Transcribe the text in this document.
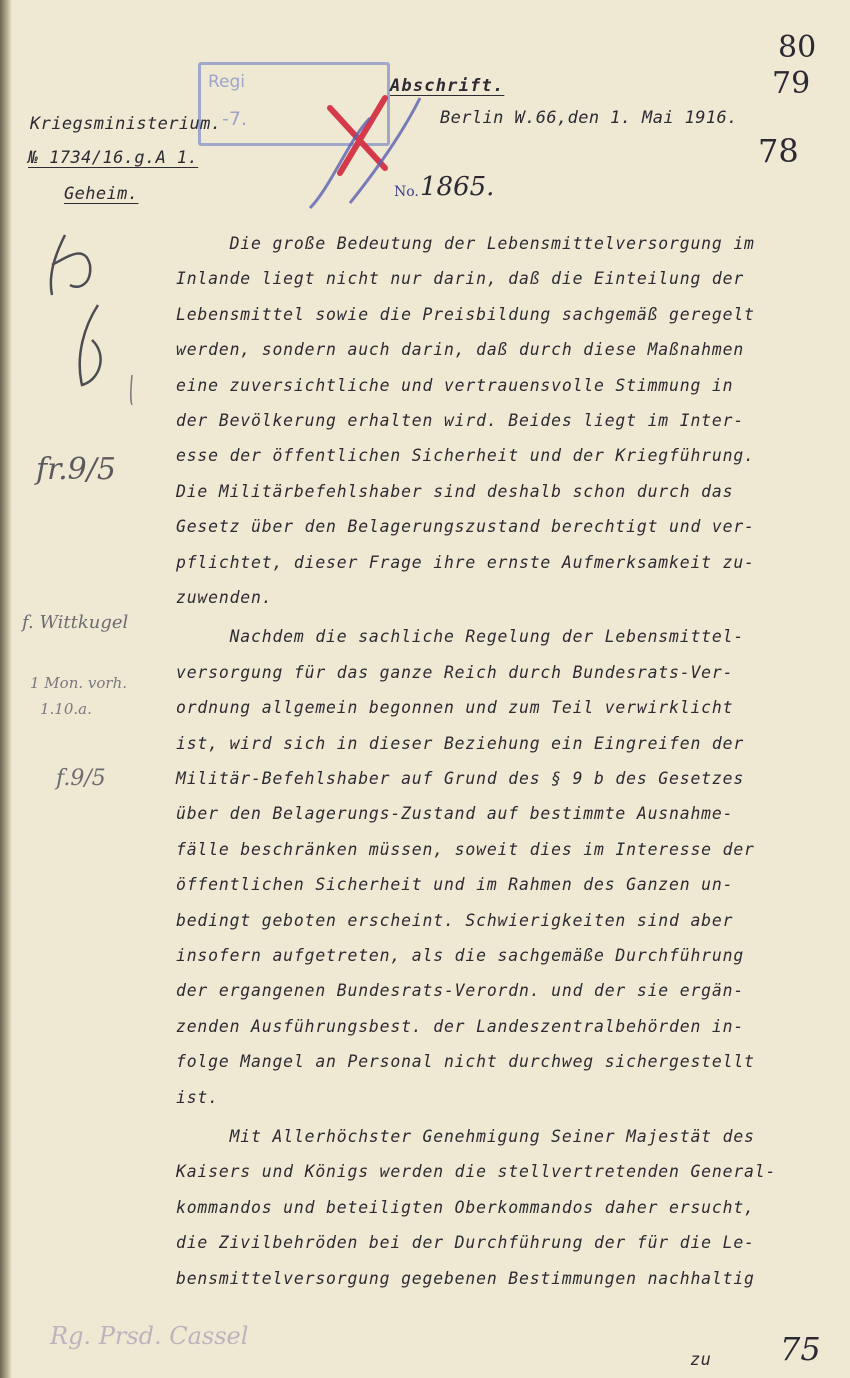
80
79
Regi
-7.
Abschrift.
Kriegsministerium.
№ 1734/16.g.A 1.
Geheim.
Berlin W.66,den 1. Mai 1916.
78
No. 1865.
Die große Bedeutung der Lebensmittelversorgung im
Inlande liegt nicht nur darin, daß die Einteilung der
Lebensmittel sowie die Preisbildung sachgemäß geregelt
werden, sondern auch darin, daß durch diese Maßnahmen
eine zuversichtliche und vertrauensvolle Stimmung in
der Bevölkerung erhalten wird. Beides liegt im Inter-
esse der öffentlichen Sicherheit und der Kriegführung.
Die Militärbefehlshaber sind deshalb schon durch das
Gesetz über den Belagerungszustand berechtigt und ver-
pflichtet, dieser Frage ihre ernste Aufmerksamkeit zu-
zuwenden.
Nachdem die sachliche Regelung der Lebensmittel-
versorgung für das ganze Reich durch Bundesrats-Ver-
ordnung allgemein begonnen und zum Teil verwirklicht
ist, wird sich in dieser Beziehung ein Eingreifen der
Militär-Befehlshaber auf Grund des § 9 b des Gesetzes
über den Belagerungs-Zustand auf bestimmte Ausnahme-
fälle beschränken müssen, soweit dies im Interesse der
öffentlichen Sicherheit und im Rahmen des Ganzen un-
bedingt geboten erscheint. Schwierigkeiten sind aber
insofern aufgetreten, als die sachgemäße Durchführung
der ergangenen Bundesrats-Verordn. und der sie ergän-
zenden Ausführungsbest. der Landeszentralbehörden in-
folge Mangel an Personal nicht durchweg sichergestellt
ist.
Mit Allerhöchster Genehmigung Seiner Majestät des
Kaisers und Königs werden die stellvertretenden General-
kommandos und beteiligten Oberkommandos daher ersucht,
die Zivilbehröden bei der Durchführung der für die Le-
bensmittelversorgung gegebenen Bestimmungen nachhaltig
fr.9/5
f. Wittkugel
1 Mon. vorh.
1.10.a.
f.9/5
Rg. Prsd. Cassel
zu 75
